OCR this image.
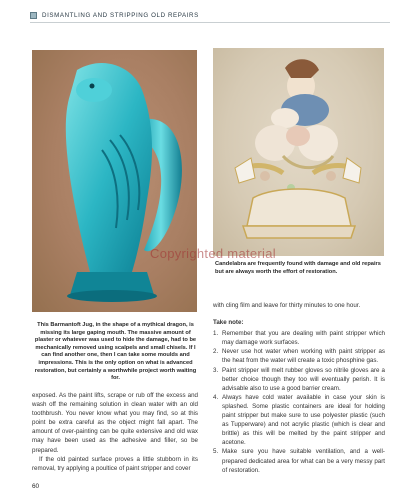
DISMANTLING AND STRIPPING OLD REPAIRS
Copyrighted material
This Barmantoft Jug, in the shape of a mythical dragon, is missing its large gaping mouth. The massive amount of plaster or whatever was used to hide the damage, had to be mechanically removed using scalpels and small chisels. If I can find another one, then I can take some moulds and impressions. This is the only option on what is advanced restoration, but certainly a worthwhile project worth waiting for.
Candelabra are frequently found with damage and old repairs but are always worth the effort of restoration.

exposed. As the paint lifts, scrape or rub off the excess and wash off the remaining solution in clean water with an old toothbrush. You never know what you may find, so at this point be extra careful as the object might fall apart. The amount of over-painting can be quite extensive and old wax may have been used as the adhesive and filler, so be prepared.

If the old painted surface proves a little stubborn in its removal, try applying a poultice of paint stripper and cover

with cling film and leave for thirty minutes to one hour.

Take note:

1. Remember that you are dealing with paint stripper which may damage work surfaces.
2. Never use hot water when working with paint stripper as the heat from the water will create a toxic phosphine gas.
3. Paint stripper will melt rubber gloves so nitrile gloves are a better choice though they too will eventually perish. It is advisable also to use a good barrier cream.
4. Always have cold water available in case your skin is splashed. Some plastic containers are ideal for holding paint stripper but make sure to use polyester plastic (such as Tupperware) and not acrylic plastic (which is clear and brittle) as this will be melted by the paint stripper and acetone.
5. Make sure you have suitable ventilation, and a well-prepared dedicated area for what can be a very messy part of restoration.
60
